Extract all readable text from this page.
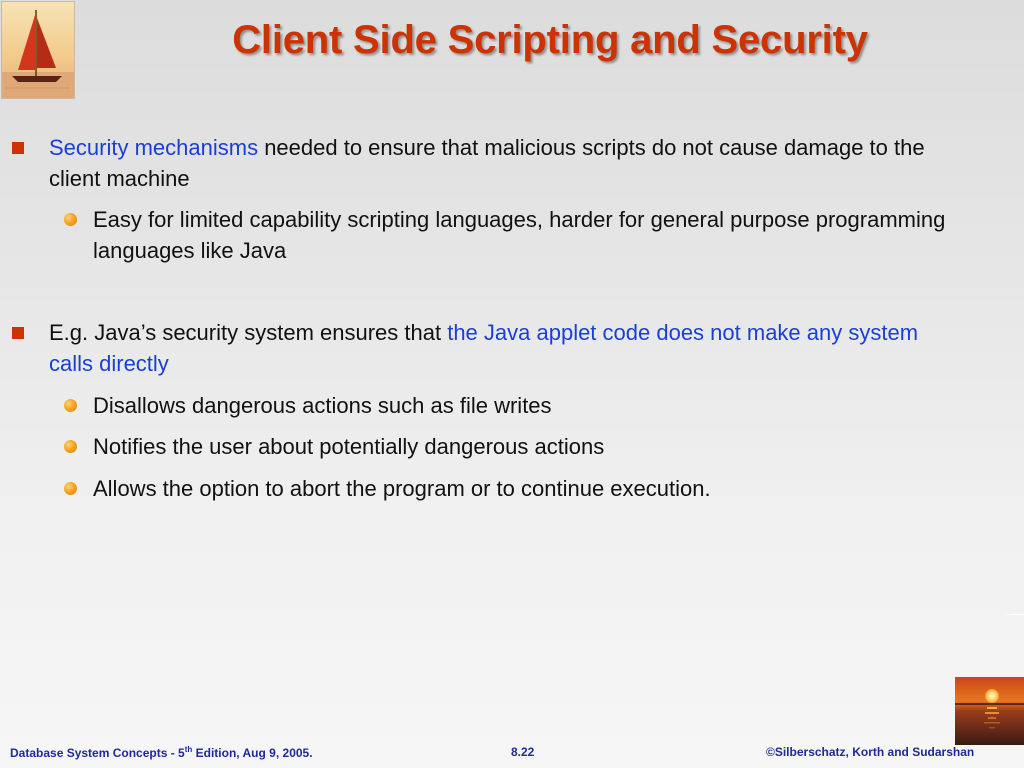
Client Side Scripting and Security
Security mechanisms needed to ensure that malicious scripts do not cause damage to the client machine
Easy for limited capability scripting languages, harder for general purpose programming languages like Java
E.g. Java’s security system ensures that the Java applet code does not make any system calls directly
Disallows dangerous actions such as file writes
Notifies the user about potentially dangerous actions
Allows the option to abort the program or to continue execution.
Database System Concepts - 5th Edition, Aug 9, 2005.	8.22	©Silberschatz, Korth and Sudarshan
